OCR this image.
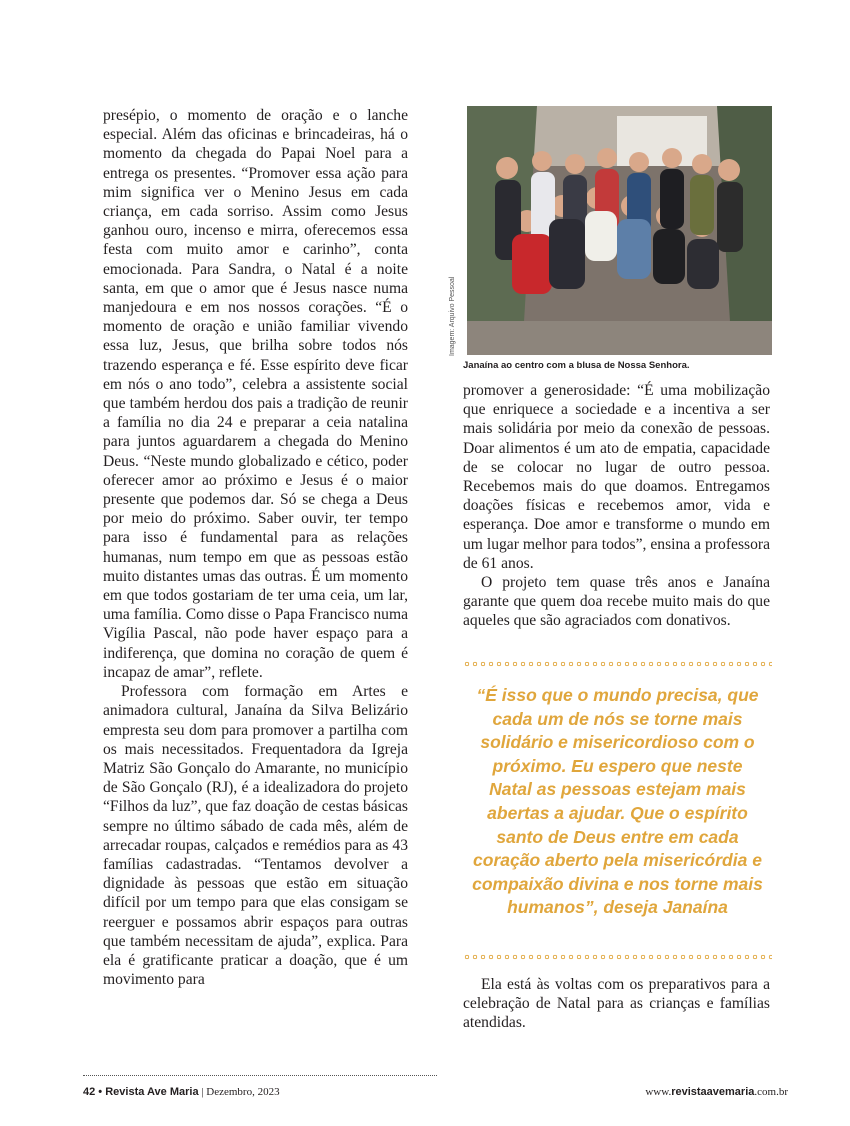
presépio, o momento de oração e o lanche especial. Além das oficinas e brincadeiras, há o momento da chegada do Papai Noel para a entrega os presentes. “Promover essa ação para mim significa ver o Menino Jesus em cada criança, em cada sorriso. Assim como Jesus ganhou ouro, incenso e mirra, oferecemos essa festa com muito amor e carinho”, conta emocionada. Para Sandra, o Natal é a noite santa, em que o amor que é Jesus nasce numa manjedoura e em nos nossos corações. “É o momento de oração e união familiar vivendo essa luz, Jesus, que brilha sobre todos nós trazendo esperança e fé. Esse espírito deve ficar em nós o ano todo”, celebra a assistente social que também herdou dos pais a tradição de reunir a família no dia 24 e preparar a ceia natalina para juntos aguardarem a chegada do Menino Deus. “Neste mundo globalizado e cético, poder oferecer amor ao próximo e Jesus é o maior presente que podemos dar. Só se chega a Deus por meio do próximo. Saber ouvir, ter tempo para isso é fundamental para as relações humanas, num tempo em que as pessoas estão muito distantes umas das outras. É um momento em que todos gostariam de ter uma ceia, um lar, uma família. Como disse o Papa Francisco numa Vigília Pascal, não pode haver espaço para a indiferença, que domina no coração de quem é incapaz de amar”, reflete.

Professora com formação em Artes e animadora cultural, Janaína da Silva Belizário empresta seu dom para promover a partilha com os mais necessitados. Frequentadora da Igreja Matriz São Gonçalo do Amarante, no município de São Gonçalo (RJ), é a idealizadora do projeto “Filhos da luz”, que faz doação de cestas básicas sempre no último sábado de cada mês, além de arrecadar roupas, calçados e remédios para as 43 famílias cadastradas. “Tentamos devolver a dignidade às pessoas que estão em situação difícil por um tempo para que elas consigam se reerguer e possamos abrir espaços para outras que também necessitam de ajuda”, explica. Para ela é gratificante praticar a doação, que é um movimento para

Imagem: Arquivo Pessoal
Janaína ao centro com a blusa de Nossa Senhora.

promover a generosidade: “É uma mobilização que enriquece a sociedade e a incentiva a ser mais solidária por meio da conexão de pessoas. Doar alimentos é um ato de empatia, capacidade de se colocar no lugar de outro pessoa. Recebemos mais do que doamos. Entregamos doações físicas e recebemos amor, vida e esperança. Doe amor e transforme o mundo em um lugar melhor para todos”, ensina a professora de 61 anos.

O projeto tem quase três anos e Janaína garante que quem doa recebe muito mais do que aqueles que são agraciados com donativos.

“É isso que o mundo precisa, que cada um de nós se torne mais solidário e misericordioso com o próximo. Eu espero que neste Natal as pessoas estejam mais abertas a ajudar. Que o espírito santo de Deus entre em cada coração aberto pela misericórdia e compaixão divina e nos torne mais humanos”, deseja Janaína

Ela está às voltas com os preparativos para a celebração de Natal para as crianças e famílias atendidas.

42 • Revista Ave Maria | Dezembro, 2023	www.revistaavemaria.com.br
